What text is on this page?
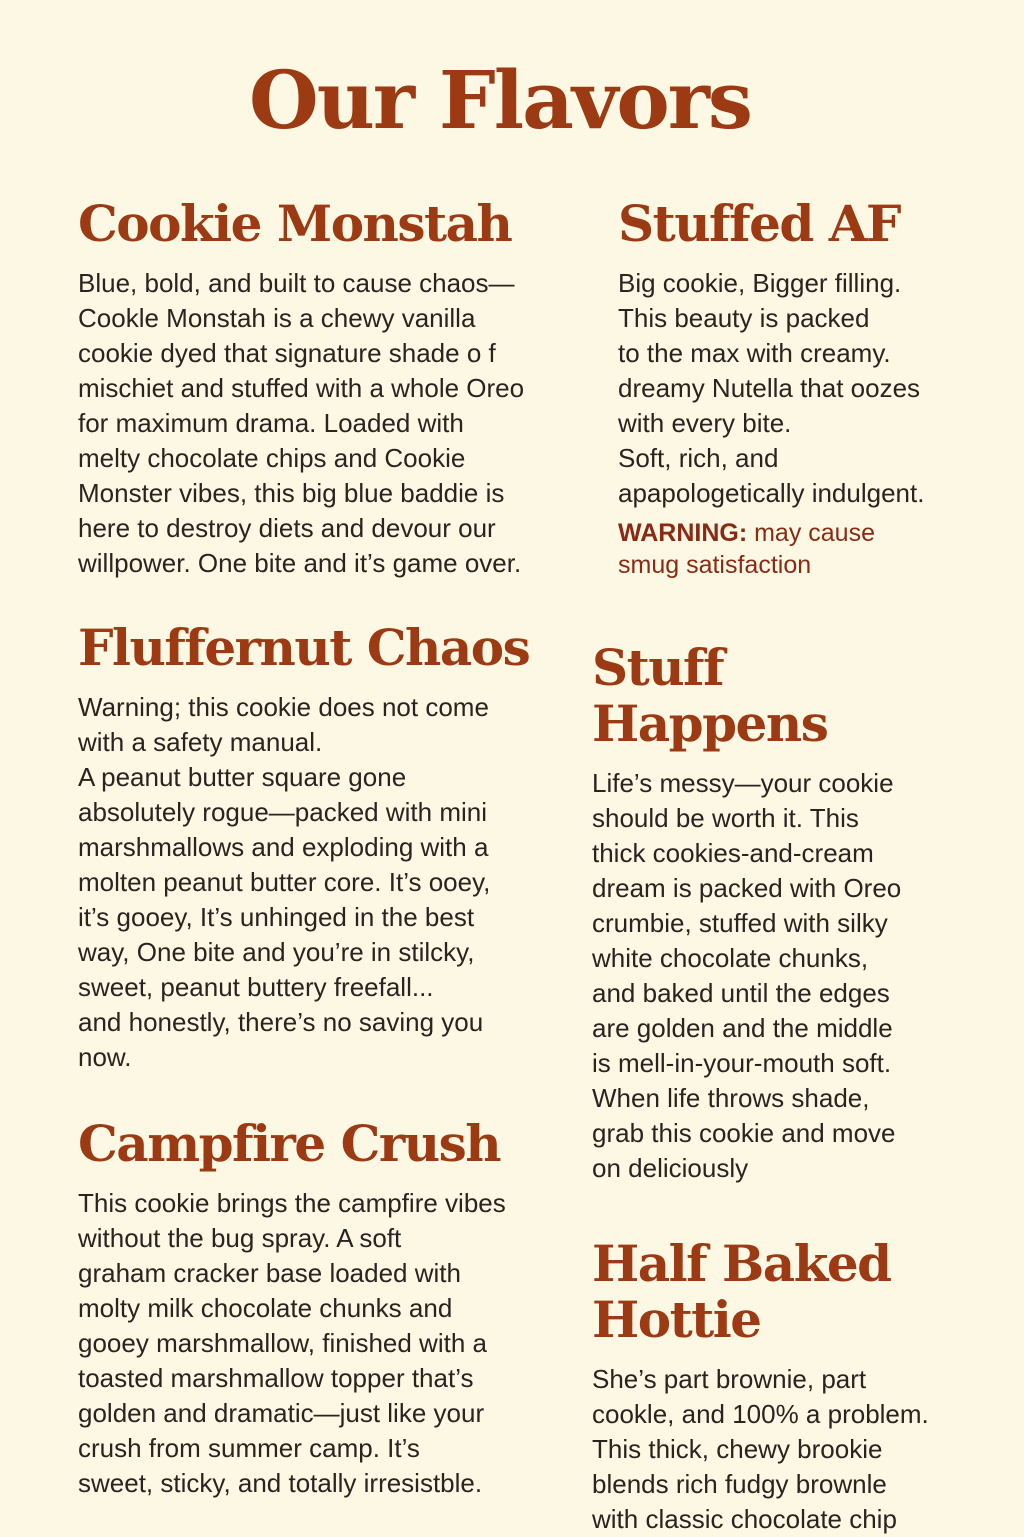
Our Flavors
Cookie Monstah

Blue, bold, and built to cause chaos—
Cookle Monstah is a chewy vanilla
cookie dyed that signature shade o f
mischiet and stuffed with a whole Oreo
for maximum drama. Loaded with
melty chocolate chips and Cookie
Monster vibes, this big blue baddie is
here to destroy diets and devour our
willpower. One bite and it’s game over.

Stuffed AF

Big cookie, Bigger filling.
This beauty is packed
to the max with creamy.
dreamy Nutella that oozes
with every bite.
Soft, rich, and
apapologetically indulgent.

WARNING: may cause
smug satisfaction
Fluffernut Chaos

Warning; this cookie does not come
with a safety manual.
A peanut butter square gone
absolutely rogue—packed with mini
marshmallows and exploding with a
molten peanut butter core. It’s ooey,
it’s gooey, It’s unhinged in the best
way, One bite and you’re in stilcky,
sweet, peanut buttery freefall...
and honestly, there’s no saving you
now.

Stuff
Happens

Life’s messy—your cookie
should be worth it. This
thick cookies-and-cream
dream is packed with Oreo
crumbie, stuffed with silky
white chocolate chunks,
and baked until the edges
are golden and the middle
is mell-in-your-mouth soft.
When life throws shade,
grab this cookie and move
on deliciously

Campfire Crush

This cookie brings the campfire vibes
without the bug spray. A soft
graham cracker base loaded with
molty milk chocolate chunks and
gooey marshmallow, finished with a
toasted marshmallow topper that’s
golden and dramatic—just like your
crush from summer camp. It’s
sweet, sticky, and totally irresistble.

Half Baked
Hottie

She’s part brownie, part
cookle, and 100% a problem.
This thick, chewy brookie
blends rich fudgy brownle
with classic chocolate chip
